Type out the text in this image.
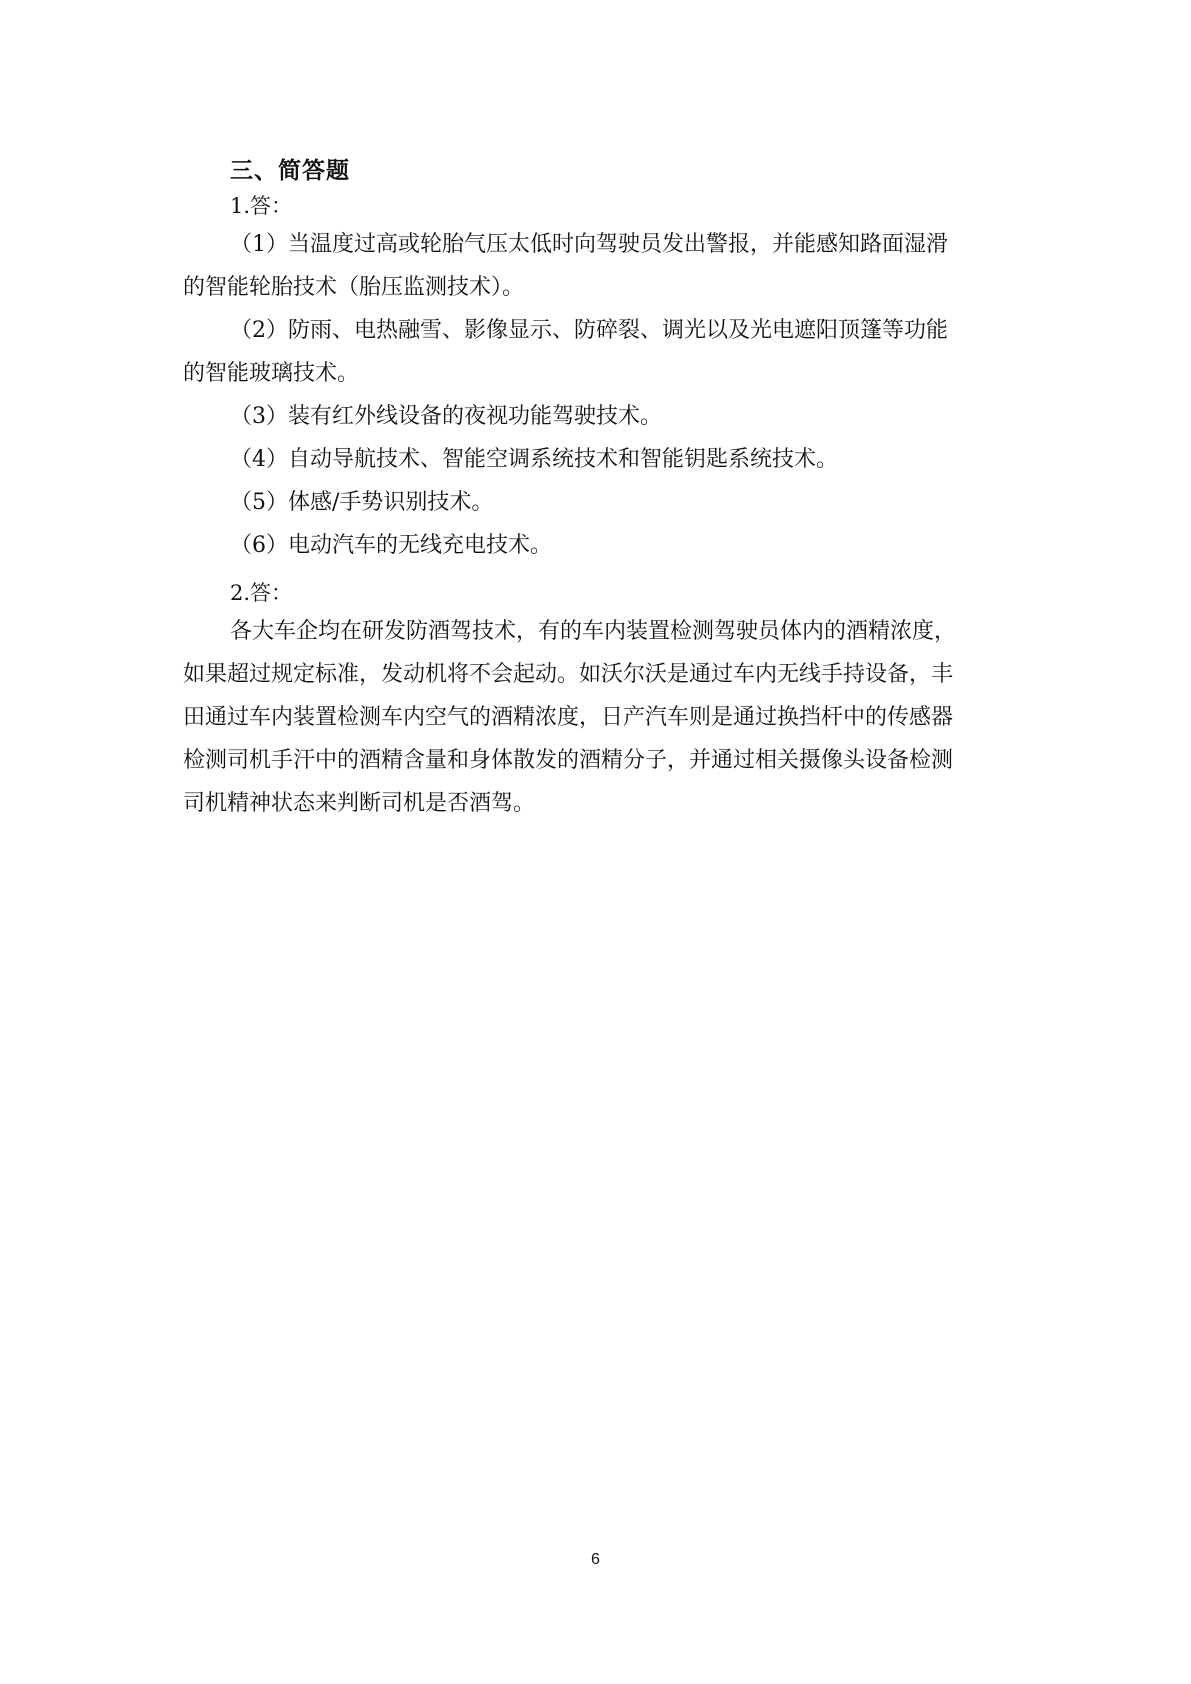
三、简答题
1.答：
（1）当温度过高或轮胎气压太低时向驾驶员发出警报，并能感知路面湿滑
的智能轮胎技术（胎压监测技术）。
（2）防雨、电热融雪、影像显示、防碎裂、调光以及光电遮阳顶篷等功能
的智能玻璃技术。
（3）装有红外线设备的夜视功能驾驶技术。
（4）自动导航技术、智能空调系统技术和智能钥匙系统技术。
（5）体感/手势识别技术。
（6）电动汽车的无线充电技术。
2.答：
各大车企均在研发防酒驾技术，有的车内装置检测驾驶员体内的酒精浓度，
如果超过规定标准，发动机将不会起动。如沃尔沃是通过车内无线手持设备，丰
田通过车内装置检测车内空气的酒精浓度，日产汽车则是通过换挡杆中的传感器
检测司机手汗中的酒精含量和身体散发的酒精分子，并通过相关摄像头设备检测
司机精神状态来判断司机是否酒驾。
6
